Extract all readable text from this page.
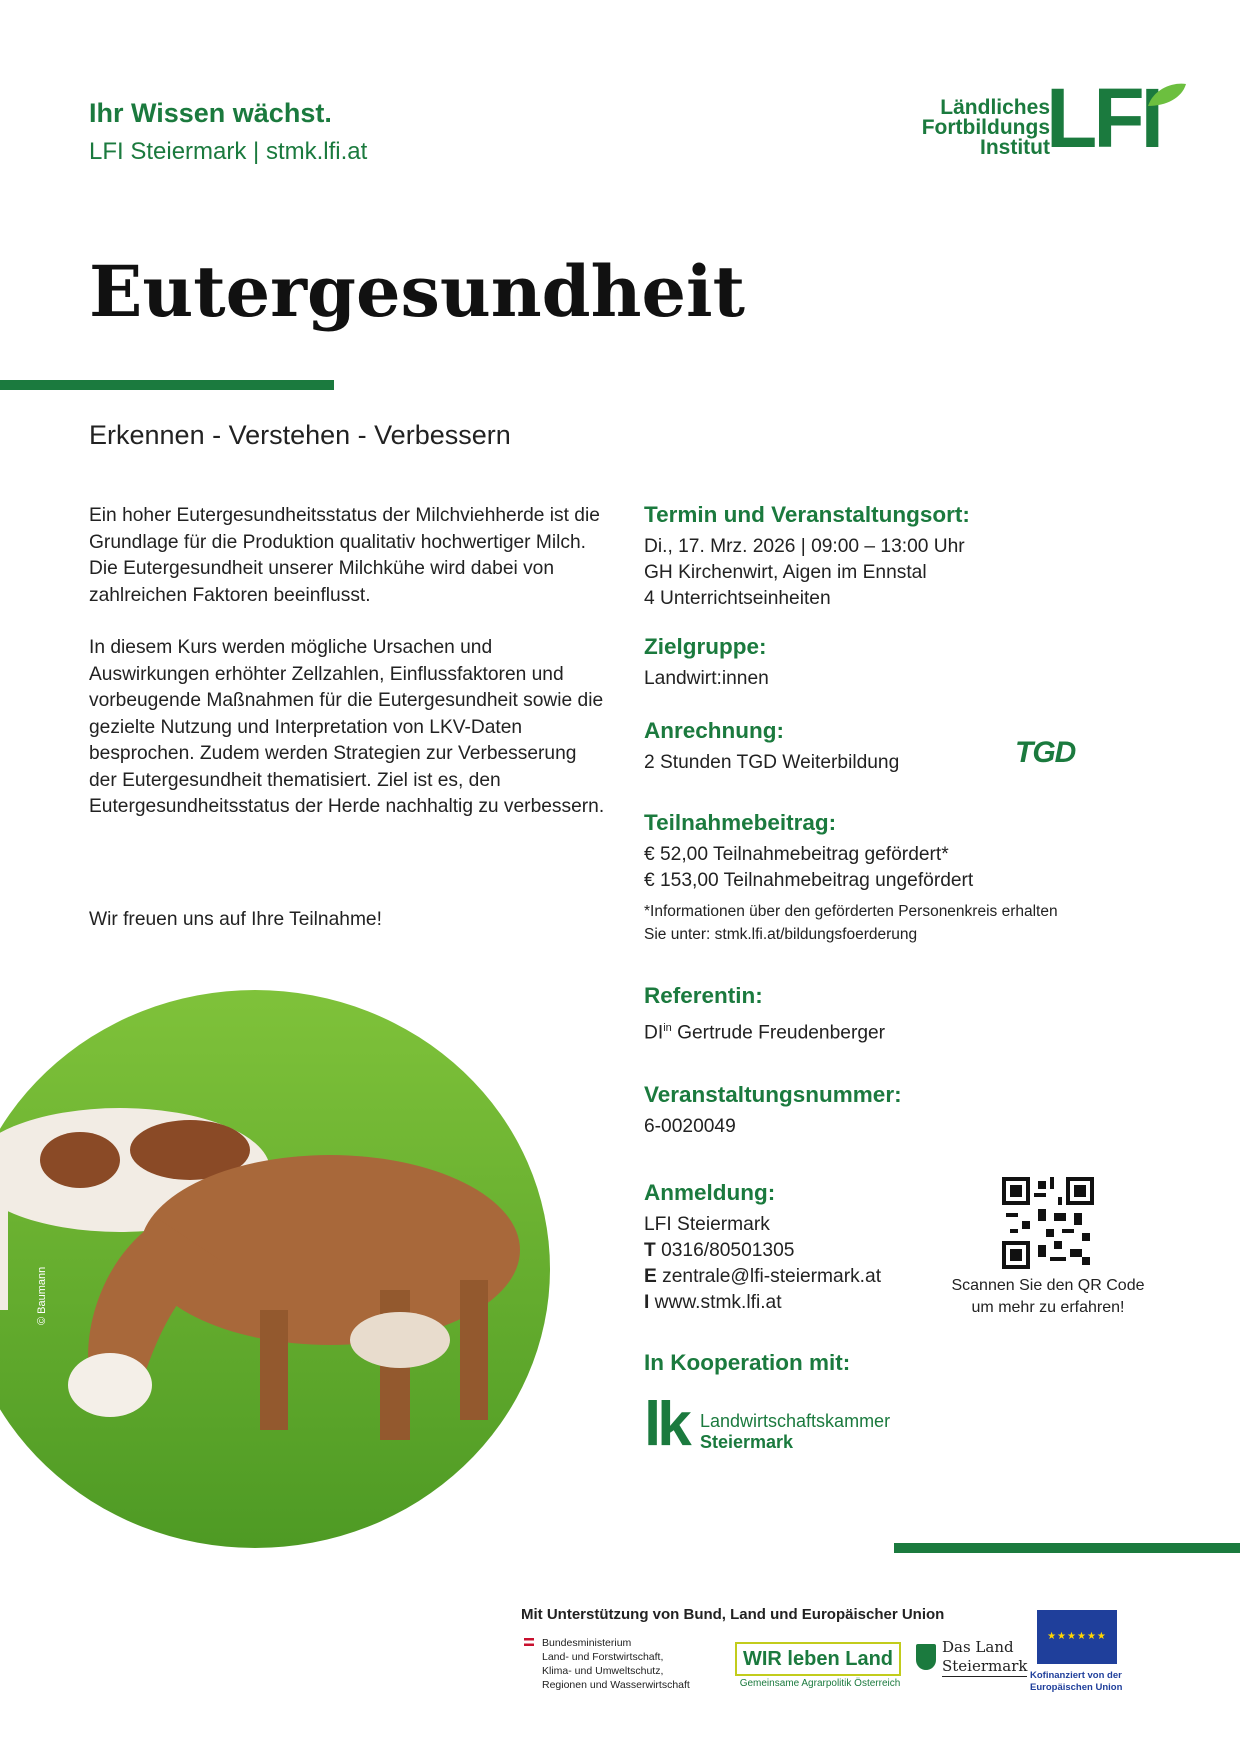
Ihr Wissen wächst.
LFI Steiermark | stmk.lfi.at
Ländliches
Fortbildungs
Institut
LFI
Eutergesundheit
Erkennen - Verstehen - Verbessern

Ein hoher Eutergesundheitsstatus der Milchviehherde ist die Grundlage für die Produktion qualitativ hochwertiger Milch. Die Eutergesundheit unserer Milchkühe wird dabei von zahlreichen Faktoren beeinflusst.

In diesem Kurs werden mögliche Ursachen und Auswirkungen erhöhter Zellzahlen, Einflussfaktoren und vorbeugende Maßnahmen für die Eutergesundheit sowie die gezielte Nutzung und Interpretation von LKV-Daten besprochen. Zudem werden Strategien zur Verbesserung der Eutergesundheit thematisiert. Ziel ist es, den Eutergesundheitsstatus der Herde nachhaltig zu verbessern.

Wir freuen uns auf Ihre Teilnahme!
© Baumann
Termin und Veranstaltungsort:
Di., 17. Mrz. 2026 | 09:00 – 13:00 Uhr
GH Kirchenwirt, Aigen im Ennstal
4 Unterrichtseinheiten
Zielgruppe:
Landwirt:innen
Anrechnung:
2 Stunden TGD Weiterbildung	TGD
Teilnahmebeitrag:
€ 52,00 Teilnahmebeitrag gefördert*
€ 153,00 Teilnahmebeitrag ungefördert
*Informationen über den geförderten Personenkreis erhalten
Sie unter: stmk.lfi.at/bildungsfoerderung
Referentin:
$DI^{in}$ Gertrude Freudenberger
Veranstaltungsnummer:
6-0020049
Anmeldung:
LFI Steiermark
T 0316/80501305
E zentrale@lfi-steiermark.at
I www.stmk.lfi.at
Scannen Sie den QR Code
um mehr zu erfahren!
In Kooperation mit:
lk Landwirtschaftskammer
Steiermark
Mit Unterstützung von Bund, Land und Europäischer Union
Bundesministerium
Land- und Forstwirtschaft,
Klima- und Umweltschutz,
Regionen und Wasserwirtschaft
WIR leben Land
Gemeinsame Agrarpolitik Österreich
Das Land
Steiermark
★★★★★★
Kofinanziert von der
Europäischen Union
